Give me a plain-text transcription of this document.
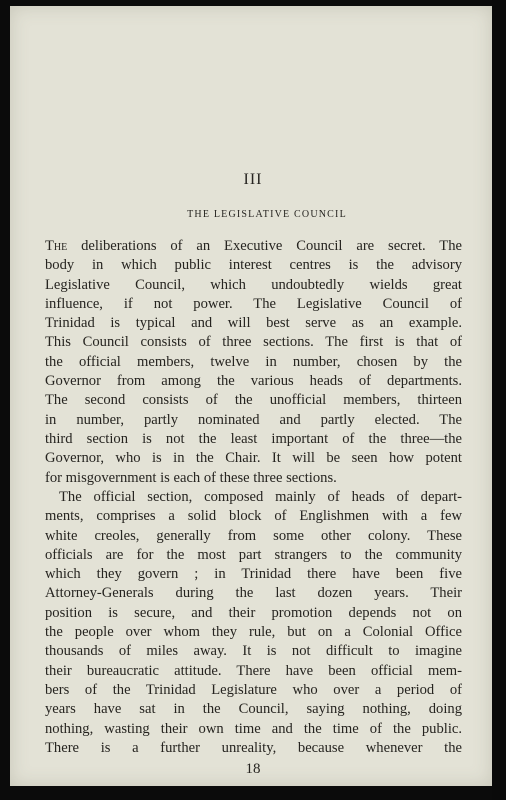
III
THE LEGISLATIVE COUNCIL

The deliberations of an Executive Council are secret. The
body in which public interest centres is the advisory
Legislative Council, which undoubtedly wields great
influence, if not power. The Legislative Council of
Trinidad is typical and will best serve as an example.
This Council consists of three sections. The first is that of
the official members, twelve in number, chosen by the
Governor from among the various heads of departments.
The second consists of the unofficial members, thirteen
in number, partly nominated and partly elected. The
third section is not the least important of the three—the
Governor, who is in the Chair. It will be seen how potent
for misgovernment is each of these three sections.

The official section, composed mainly of heads of depart-
ments, comprises a solid block of Englishmen with a few
white creoles, generally from some other colony. These
officials are for the most part strangers to the community
which they govern ; in Trinidad there have been five
Attorney-Generals during the last dozen years. Their
position is secure, and their promotion depends not on
the people over whom they rule, but on a Colonial Office
thousands of miles away. It is not difficult to imagine
their bureaucratic attitude. There have been official mem-
bers of the Trinidad Legislature who over a period of
years have sat in the Council, saying nothing, doing
nothing, wasting their own time and the time of the public.
There is a further unreality, because whenever the

18
